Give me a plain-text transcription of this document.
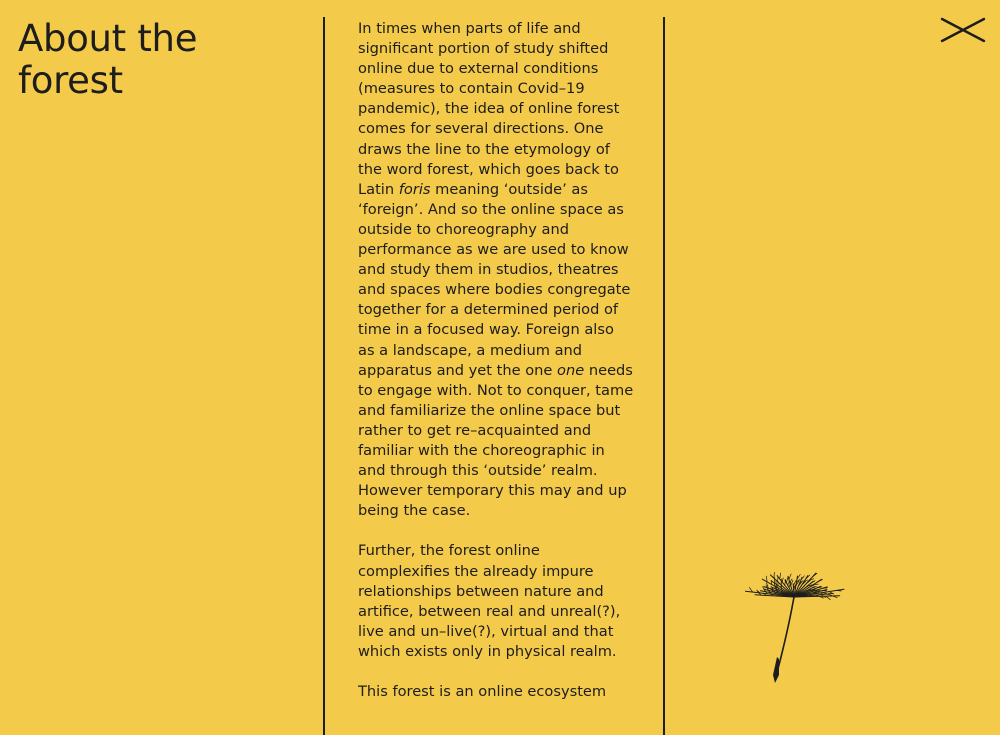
About the forest

In times when parts of life and significant portion of study shifted online due to external conditions (measures to contain Covid–19 pandemic), the idea of online forest comes for several directions. One draws the line to the etymology of the word forest, which goes back to Latin foris meaning ‘outside’ as ‘foreign’. And so the online space as outside to choreography and performance as we are used to know and study them in studios, theatres and spaces where bodies congregate together for a determined period of time in a focused way. Foreign also as a landscape, a medium and apparatus and yet the one one needs to engage with. Not to conquer, tame and familiarize the online space but rather to get re–acquainted and familiar with the choreographic in and through this ‘outside’ realm. However temporary this may and up being the case.

Further, the forest online complexifies the already impure relationships between nature and artifice, between real and unreal(?), live and un–live(?), virtual and that which exists only in physical realm.

This forest is an online ecosystem
